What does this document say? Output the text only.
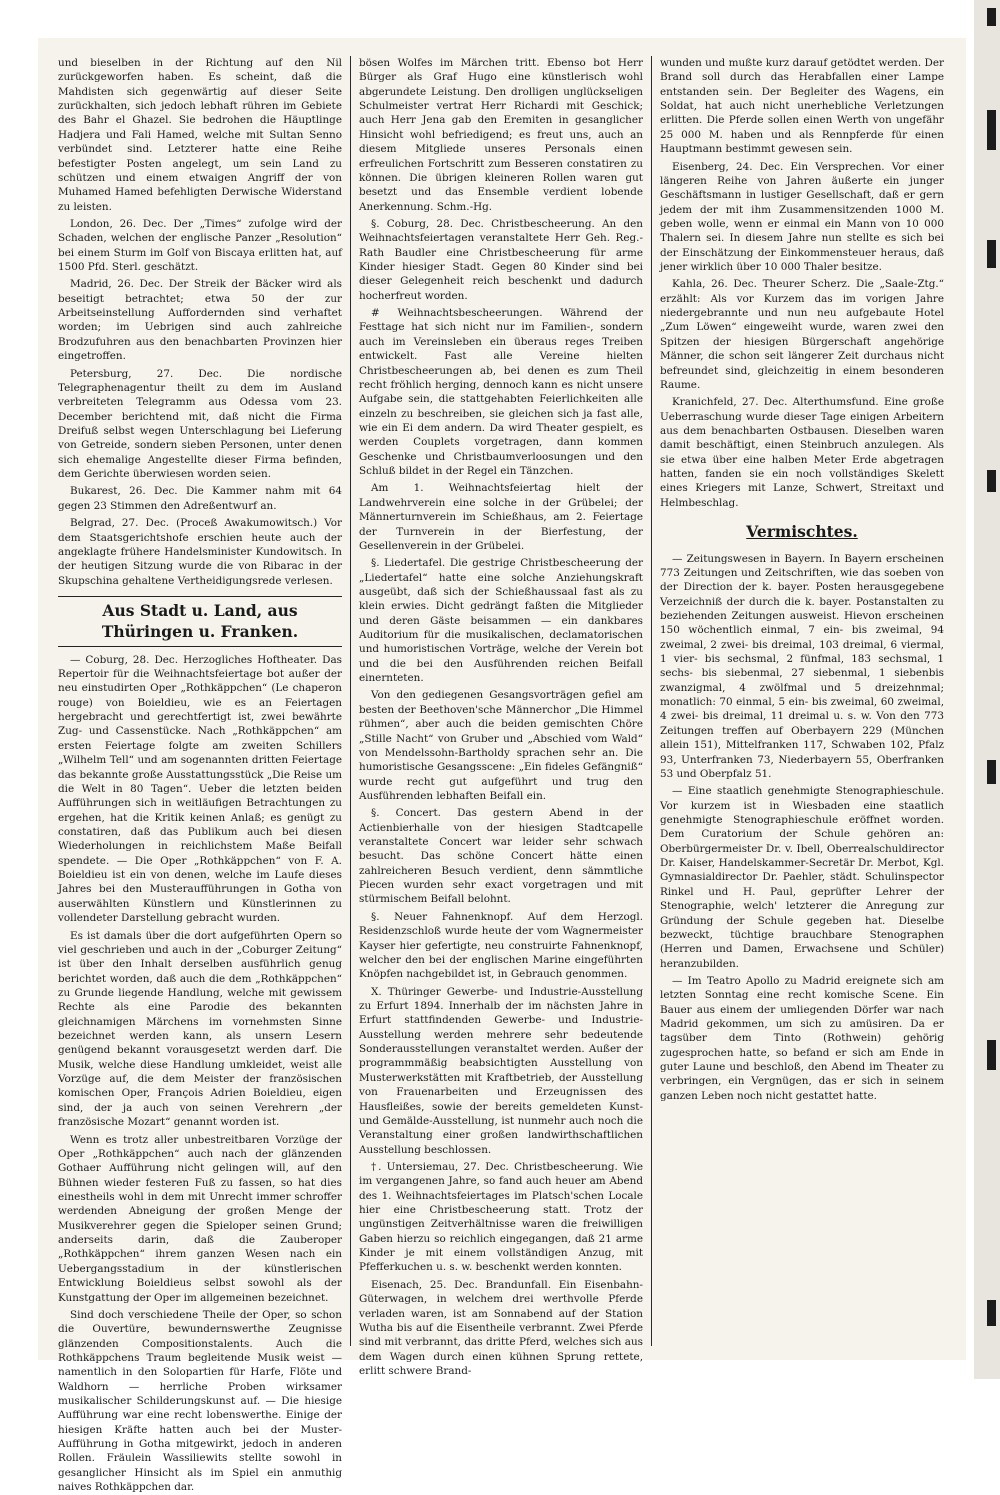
und bieselben in der Richtung auf den Nil zurückgeworfen haben. Es scheint, daß die Mahdisten sich gegenwärtig auf dieser Seite zurückhalten, sich jedoch lebhaft rühren im Gebiete des Bahr el Ghazel. Sie bedrohen die Häuptlinge Hadjera und Fali Hamed, welche mit Sultan Senno verbündet sind. Letzterer hatte eine Reihe befestigter Posten angelegt, um sein Land zu schützen und einem etwaigen Angriff der von Muhamed Hamed befehligten Derwische Widerstand zu leisten.

London, 26. Dec. Der „Times“ zufolge wird der Schaden, welchen der englische Panzer „Resolution“ bei einem Sturm im Golf von Biscaya erlitten hat, auf 1500 Pfd. Sterl. geschätzt.

Madrid, 26. Dec. Der Streik der Bäcker wird als beseitigt betrachtet; etwa 50 der zur Arbeitseinstellung Auffordernden sind verhaftet worden; im Uebrigen sind auch zahlreiche Brodzufuhren aus den benachbarten Provinzen hier eingetroffen.

Petersburg, 27. Dec. Die nordische Telegraphenagentur theilt zu dem im Ausland verbreiteten Telegramm aus Odessa vom 23. December berichtend mit, daß nicht die Firma Dreifuß selbst wegen Unterschlagung bei Lieferung von Getreide, sondern sieben Personen, unter denen sich ehemalige Angestellte dieser Firma befinden, dem Gerichte überwiesen worden seien.

Bukarest, 26. Dec. Die Kammer nahm mit 64 gegen 23 Stimmen den Adreßentwurf an.

Belgrad, 27. Dec. (Proceß Awakumowitsch.) Vor dem Staatsgerichtshofe erschien heute auch der angeklagte frühere Handelsminister Kundowitsch. In der heutigen Sitzung wurde die von Ribarac in der Skupschina gehaltene Vertheidigungsrede verlesen.

Aus Stadt u. Land, aus Thüringen u. Franken.

— Coburg, 28. Dec. Herzogliches Hoftheater. Das Repertoir für die Weihnachtsfeiertage bot außer der neu einstudirten Oper „Rothkäppchen“ (Le chaperon rouge) von Boieldieu, wie es an Feiertagen hergebracht und gerechtfertigt ist, zwei bewährte Zug- und Cassenstücke. Nach „Rothkäppchen“ am ersten Feiertage folgte am zweiten Schillers „Wilhelm Tell“ und am sogenannten dritten Feiertage das bekannte große Ausstattungsstück „Die Reise um die Welt in 80 Tagen“. Ueber die letzten beiden Aufführungen sich in weitläufigen Betrachtungen zu ergehen, hat die Kritik keinen Anlaß; es genügt zu constatiren, daß das Publikum auch bei diesen Wiederholungen in reichlichstem Maße Beifall spendete. — Die Oper „Rothkäppchen“ von F. A. Boieldieu ist ein von denen, welche im Laufe dieses Jahres bei den Musteraufführungen in Gotha von auserwählten Künstlern und Künstlerinnen zu vollendeter Darstellung gebracht wurden.

Es ist damals über die dort aufgeführten Opern so viel geschrieben und auch in der „Coburger Zeitung“ ist über den Inhalt derselben ausführlich genug berichtet worden, daß auch die dem „Rothkäppchen“ zu Grunde liegende Handlung, welche mit gewissem Rechte als eine Parodie des bekannten gleichnamigen Märchens im vornehmsten Sinne bezeichnet werden kann, als unsern Lesern genügend bekannt vorausgesetzt werden darf. Die Musik, welche diese Handlung umkleidet, weist alle Vorzüge auf, die dem Meister der französischen komischen Oper, François Adrien Boieldieu, eigen sind, der ja auch von seinen Verehrern „der französische Mozart“ genannt worden ist.

Wenn es trotz aller unbestreitbaren Vorzüge der Oper „Rothkäppchen“ auch nach der glänzenden Gothaer Aufführung nicht gelingen will, auf den Bühnen wieder festeren Fuß zu fassen, so hat dies einestheils wohl in dem mit Unrecht immer schroffer werdenden Abneigung der großen Menge der Musikverehrer gegen die Spieloper seinen Grund; anderseits darin, daß die Zauberoper „Rothkäppchen“ ihrem ganzen Wesen nach ein Uebergangsstadium in der künstlerischen Entwicklung Boieldieus selbst sowohl als der Kunstgattung der Oper im allgemeinen bezeichnet.

Sind doch verschiedene Theile der Oper, so schon die Ouvertüre, bewundernswerthe Zeugnisse glänzenden Compositionstalents. Auch die Rothkäppchens Traum begleitende Musik weist — namentlich in den Solopartien für Harfe, Flöte und Waldhorn — herrliche Proben wirksamer musikalischer Schilderungskunst auf. — Die hiesige Aufführung war eine recht lobenswerthe. Einige der hiesigen Kräfte hatten auch bei der Muster-Aufführung in Gotha mitgewirkt, jedoch in anderen Rollen. Fräulein Wassiliewits stellte sowohl in gesanglicher Hinsicht als im Spiel ein anmuthig naives Rothkäppchen dar.

bösen Wolfes im Märchen tritt. Ebenso bot Herr Bürger als Graf Hugo eine künstlerisch wohl abgerundete Leistung. Den drolligen unglückseligen Schulmeister vertrat Herr Richardi mit Geschick; auch Herr Jena gab den Eremiten in gesanglicher Hinsicht wohl befriedigend; es freut uns, auch an diesem Mitgliede unseres Personals einen erfreulichen Fortschritt zum Besseren constatiren zu können. Die übrigen kleineren Rollen waren gut besetzt und das Ensemble verdient lobende Anerkennung. Schm.-Hg.

§. Coburg, 28. Dec. Christbescheerung. An den Weihnachtsfeiertagen veranstaltete Herr Geh. Reg.-Rath Baudler eine Christbescheerung für arme Kinder hiesiger Stadt. Gegen 80 Kinder sind bei dieser Gelegenheit reich beschenkt und dadurch hocherfreut worden.

# Weihnachtsbescheerungen. Während der Festtage hat sich nicht nur im Familien-, sondern auch im Vereinsleben ein überaus reges Treiben entwickelt. Fast alle Vereine hielten Christbescheerungen ab, bei denen es zum Theil recht fröhlich herging, dennoch kann es nicht unsere Aufgabe sein, die stattgehabten Feierlichkeiten alle einzeln zu beschreiben, sie gleichen sich ja fast alle, wie ein Ei dem andern. Da wird Theater gespielt, es werden Couplets vorgetragen, dann kommen Geschenke und Christbaumverloosungen und den Schluß bildet in der Regel ein Tänzchen.

Am 1. Weihnachtsfeiertag hielt der Landwehrverein eine solche in der Grübelei; der Männerturnverein im Schießhaus, am 2. Feiertage der Turnverein in der Bierfestung, der Gesellenverein in der Grübelei.

§. Liedertafel. Die gestrige Christbescheerung der „Liedertafel“ hatte eine solche Anziehungskraft ausgeübt, daß sich der Schießhaussaal fast als zu klein erwies. Dicht gedrängt faßten die Mitglieder und deren Gäste beisammen — ein dankbares Auditorium für die musikalischen, declamatorischen und humoristischen Vorträge, welche der Verein bot und die bei den Ausführenden reichen Beifall einernteten.

Von den gediegenen Gesangsvorträgen gefiel am besten der Beethoven'sche Männerchor „Die Himmel rühmen“, aber auch die beiden gemischten Chöre „Stille Nacht“ von Gruber und „Abschied vom Wald“ von Mendelssohn-Bartholdy sprachen sehr an. Die humoristische Gesangsscene: „Ein fideles Gefängniß“ wurde recht gut aufgeführt und trug den Ausführenden lebhaften Beifall ein.

§. Concert. Das gestern Abend in der Actienbierhalle von der hiesigen Stadtcapelle veranstaltete Concert war leider sehr schwach besucht. Das schöne Concert hätte einen zahlreicheren Besuch verdient, denn sämmtliche Piecen wurden sehr exact vorgetragen und mit stürmischem Beifall belohnt.

§. Neuer Fahnenknopf. Auf dem Herzogl. Residenzschloß wurde heute der vom Wagnermeister Kayser hier gefertigte, neu construirte Fahnenknopf, welcher den bei der englischen Marine eingeführten Knöpfen nachgebildet ist, in Gebrauch genommen.

X. Thüringer Gewerbe- und Industrie-Ausstellung zu Erfurt 1894. Innerhalb der im nächsten Jahre in Erfurt stattfindenden Gewerbe- und Industrie-Ausstellung werden mehrere sehr bedeutende Sonderausstellungen veranstaltet werden. Außer der programmmäßig beabsichtigten Ausstellung von Musterwerkstätten mit Kraftbetrieb, der Ausstellung von Frauenarbeiten und Erzeugnissen des Hausfleißes, sowie der bereits gemeldeten Kunst- und Gemälde-Ausstellung, ist nunmehr auch noch die Veranstaltung einer großen landwirthschaftlichen Ausstellung beschlossen.

†. Untersiemau, 27. Dec. Christbescheerung. Wie im vergangenen Jahre, so fand auch heuer am Abend des 1. Weihnachtsfeiertages im Platsch'schen Locale hier eine Christbescheerung statt. Trotz der ungünstigen Zeitverhältnisse waren die freiwilligen Gaben hierzu so reichlich eingegangen, daß 21 arme Kinder je mit einem vollständigen Anzug, mit Pfefferkuchen u. s. w. beschenkt werden konnten.

Eisenach, 25. Dec. Brandunfall. Ein Eisenbahn-Güterwagen, in welchem drei werthvolle Pferde verladen waren, ist am Sonnabend auf der Station Wutha bis auf die Eisentheile verbrannt. Zwei Pferde sind mit verbrannt, das dritte Pferd, welches sich aus dem Wagen durch einen kühnen Sprung rettete, erlitt schwere Brand-

wunden und mußte kurz darauf getödtet werden. Der Brand soll durch das Herabfallen einer Lampe entstanden sein. Der Begleiter des Wagens, ein Soldat, hat auch nicht unerhebliche Verletzungen erlitten. Die Pferde sollen einen Werth von ungefähr 25 000 M. haben und als Rennpferde für einen Hauptmann bestimmt gewesen sein.

Eisenberg, 24. Dec. Ein Versprechen. Vor einer längeren Reihe von Jahren äußerte ein junger Geschäftsmann in lustiger Gesellschaft, daß er gern jedem der mit ihm Zusammensitzenden 1000 M. geben wolle, wenn er einmal ein Mann von 10 000 Thalern sei. In diesem Jahre nun stellte es sich bei der Einschätzung der Einkommensteuer heraus, daß jener wirklich über 10 000 Thaler besitze.

Kahla, 26. Dec. Theurer Scherz. Die „Saale-Ztg.“ erzählt: Als vor Kurzem das im vorigen Jahre niedergebrannte und nun neu aufgebaute Hotel „Zum Löwen“ eingeweiht wurde, waren zwei den Spitzen der hiesigen Bürgerschaft angehörige Männer, die schon seit längerer Zeit durchaus nicht befreundet sind, gleichzeitig in einem besonderen Raume.

Kranichfeld, 27. Dec. Alterthumsfund. Eine große Ueberraschung wurde dieser Tage einigen Arbeitern aus dem benachbarten Ostbausen. Dieselben waren damit beschäftigt, einen Steinbruch anzulegen. Als sie etwa über eine halben Meter Erde abgetragen hatten, fanden sie ein noch vollständiges Skelett eines Kriegers mit Lanze, Schwert, Streitaxt und Helmbeschlag.

Vermischtes.

— Zeitungswesen in Bayern. In Bayern erscheinen 773 Zeitungen und Zeitschriften, wie das soeben von der Direction der k. bayer. Posten herausgegebene Verzeichniß der durch die k. bayer. Postanstalten zu beziehenden Zeitungen ausweist. Hievon erscheinen 150 wöchentlich einmal, 7 ein- bis zweimal, 94 zweimal, 2 zwei- bis dreimal, 103 dreimal, 6 viermal, 1 vier- bis sechsmal, 2 fünfmal, 183 sechsmal, 1 sechs- bis siebenmal, 27 siebenmal, 1 siebenbis zwanzigmal, 4 zwölfmal und 5 dreizehnmal; monatlich: 70 einmal, 5 ein- bis zweimal, 60 zweimal, 4 zwei- bis dreimal, 11 dreimal u. s. w. Von den 773 Zeitungen treffen auf Oberbayern 229 (München allein 151), Mittelfranken 117, Schwaben 102, Pfalz 93, Unterfranken 73, Niederbayern 55, Oberfranken 53 und Oberpfalz 51.

— Eine staatlich genehmigte Stenographieschule. Vor kurzem ist in Wiesbaden eine staatlich genehmigte Stenographieschule eröffnet worden. Dem Curatorium der Schule gehören an: Oberbürgermeister Dr. v. Ibell, Oberrealschuldirector Dr. Kaiser, Handelskammer-Secretär Dr. Merbot, Kgl. Gymnasialdirector Dr. Paehler, städt. Schulinspector Rinkel und H. Paul, geprüfter Lehrer der Stenographie, welch' letzterer die Anregung zur Gründung der Schule gegeben hat. Dieselbe bezweckt, tüchtige brauchbare Stenographen (Herren und Damen, Erwachsene und Schüler) heranzubilden.

— Im Teatro Apollo zu Madrid ereignete sich am letzten Sonntag eine recht komische Scene. Ein Bauer aus einem der umliegenden Dörfer war nach Madrid gekommen, um sich zu amüsiren. Da er tagsüber dem Tinto (Rothwein) gehörig zugesprochen hatte, so befand er sich am Ende in guter Laune und beschloß, den Abend im Theater zu verbringen, ein Vergnügen, das er sich in seinem ganzen Leben noch nicht gestattet hatte.
